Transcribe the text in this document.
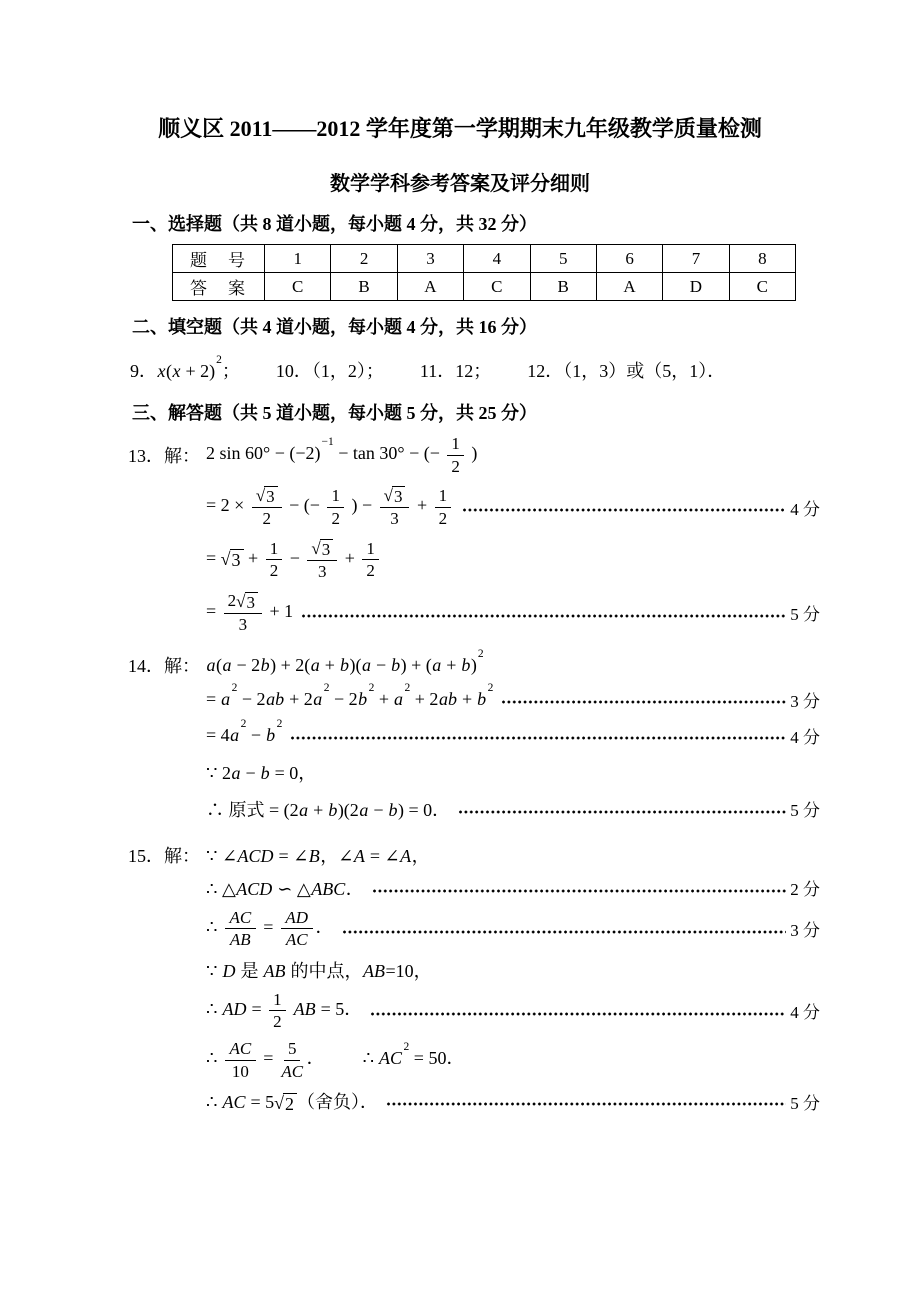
顺义区 2011——2012 学年度第一学期期末九年级教学质量检测
数学学科参考答案及评分细则
一、选择题（共 8 道小题，每小题 4 分，共 32 分）
题　号	1	2	3	4	5	6	7	8
答　案	C	B	A	C	B	A	D	C
二、填空题（共 4 道小题，每小题 4 分，共 16 分）
9．$x(x + 2)^2$； 10．（1，2）； 11．12； 12．（1，3）或（5，1）．
三、解答题（共 5 道小题，每小题 5 分，共 25 分）
13．解： 2 $\sin 60^\circ - (-2)^{-1} - \tan 30^\circ$ − (− $\frac{1}{2}$ )
= $2 \times \frac{√ 3}{2}$ − (− $\frac{1}{2}$ ) − $\frac{√ 3}{3} + \frac{1}{2}$	4 分
= √ $3 + \frac{1}{2} - \frac{√ 3}{3} + \frac{1}{2}$
= $\frac{2 √ 3}{3} + 1$	5 分
14．解： $a(a - 2b) + 2(a + b)(a - b) + (a + b)^2$
= $a^2 - 2ab + 2a^2 - 2b^2 + a^2 + 2ab + b^2$
3 分
= $4a^2 - b^2$
4 分
∵ 2a − b = 0，
∴ 原式 = (2a + b)(2a − b) = 0．	5 分
15．解： ∵ ∠ACD = ∠B，∠A = ∠A，
∴ △ACD ∽ △ABC．	2 分
∴ $\frac{AC}{AB} = \frac{AD}{AC}$ ．	3 分
∵ D 是 AB 的中点，AB=10，
∴ AD = $\frac{1}{2}$ AB = 5．	4 分
∴ $\frac{AC}{10} = \frac{5}{AC}$ ． ∴ $AC^2 = 50$．
∴ AC = 5 √ 2 （舍负）．	5 分
